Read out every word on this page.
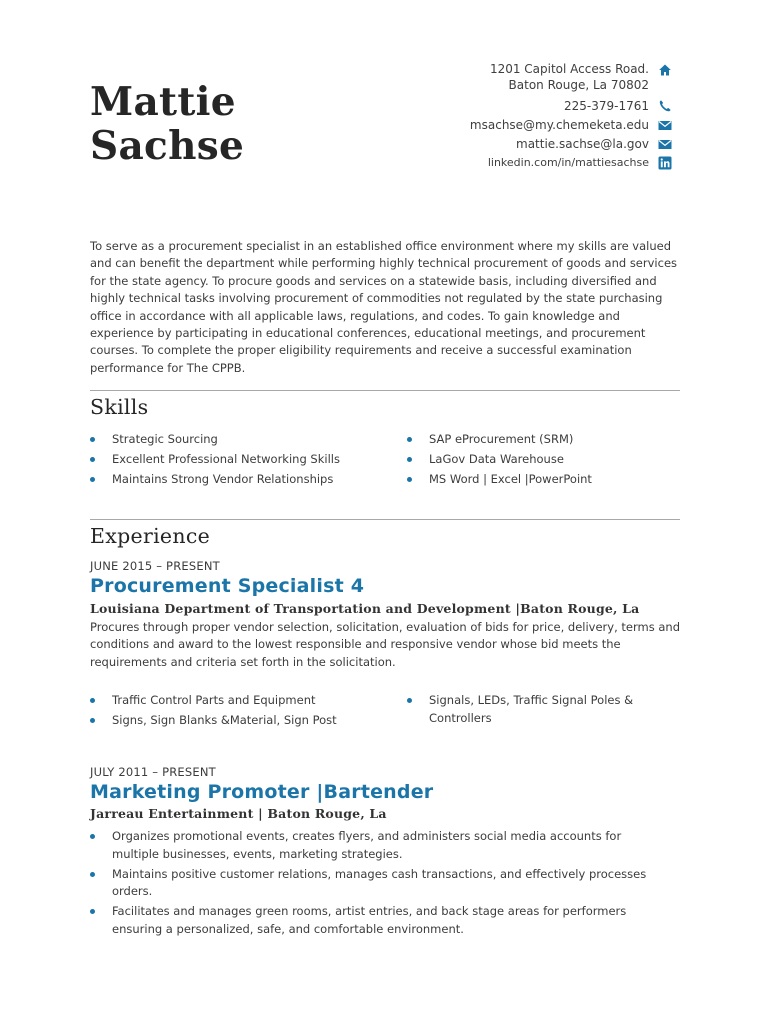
Mattie
Sachse
1201 Capitol Access Road.
Baton Rouge, La 70802
225-379-1761
msachse@my.chemeketa.edu
mattie.sachse@la.gov
linkedin.com/in/mattiesachse

To serve as a procurement specialist in an established office environment where my skills are valued and can benefit the department while performing highly technical procurement of goods and services for the state agency. To procure goods and services on a statewide basis, including diversified and highly technical tasks involving procurement of commodities not regulated by the state purchasing office in accordance with all applicable laws, regulations, and codes. To gain knowledge and experience by participating in educational conferences, educational meetings, and procurement courses. To complete the proper eligibility requirements and receive a successful examination performance for The CPPB.

Skills
Strategic Sourcing
Excellent Professional Networking Skills
Maintains Strong Vendor Relationships
SAP eProcurement (SRM)
LaGov Data Warehouse
MS Word | Excel |PowerPoint
Experience

JUNE 2015 – PRESENT

Procurement Specialist 4

Louisiana Department of Transportation and Development |Baton Rouge, La

Procures through proper vendor selection, solicitation, evaluation of bids for price, delivery, terms and conditions and award to the lowest responsible and responsive vendor whose bid meets the requirements and criteria set forth in the solicitation.

Traffic Control Parts and Equipment
Signs, Sign Blanks &Material, Sign Post
Signals, LEDs, Traffic Signal Poles & Controllers

JULY 2011 – PRESENT

Marketing Promoter |Bartender

Jarreau Entertainment | Baton Rouge, La

Organizes promotional events, creates flyers, and administers social media accounts for multiple businesses, events, marketing strategies.
Maintains positive customer relations, manages cash transactions, and effectively processes orders.
Facilitates and manages green rooms, artist entries, and back stage areas for performers ensuring a personalized, safe, and comfortable environment.
